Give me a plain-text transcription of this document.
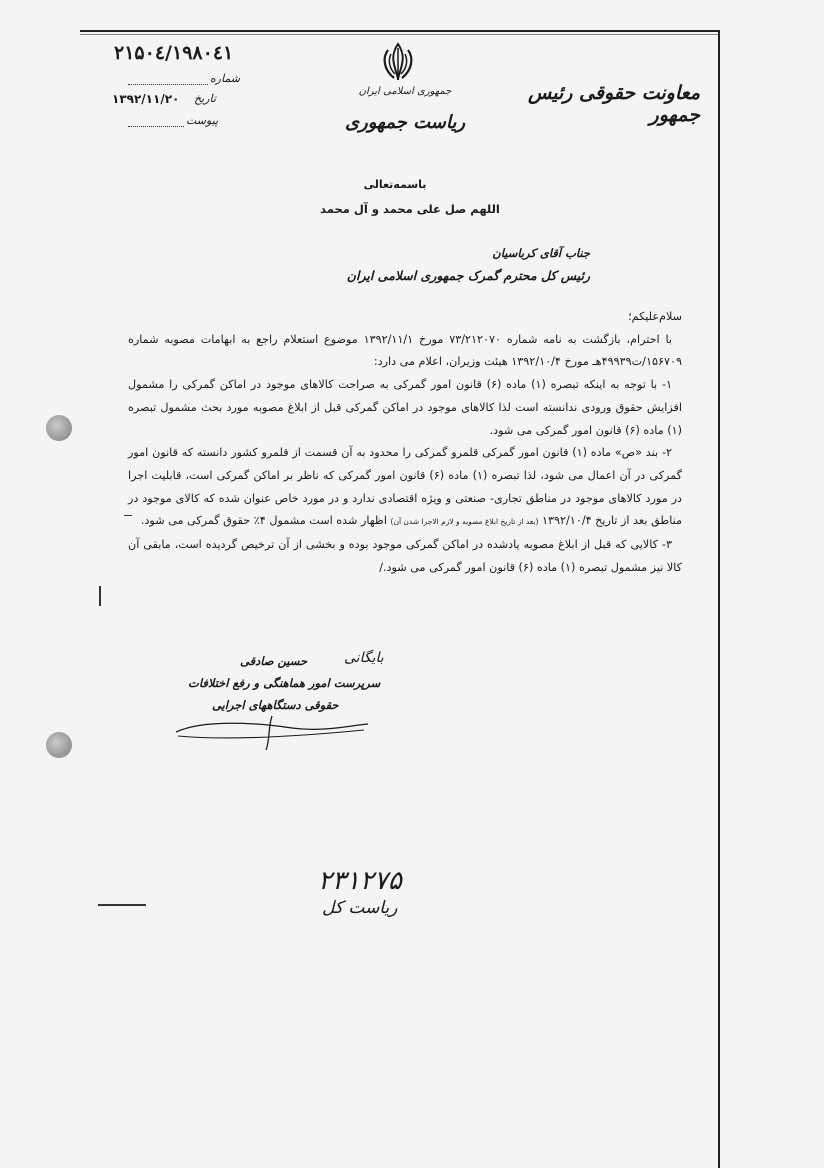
۲۱۵۰٤/۱۹۸۰٤۱
شماره
۱۳۹۲/۱۱/۲۰ تاریخ
پیوست
جمهوری اسلامی ایران
ریاست جمهوری
معاونت حقوقی رئیس جمهور
باسمه‌تعالی
اللهم صل علی محمد و آل محمد
جناب آقای کرباسیان
رئیس کل محترم گمرک جمهوری اسلامی ایران

سلام‌علیکم؛

با احترام، بازگشت به نامه شماره ۷۳/۲۱۲۰۷۰ مورخ ۱۳۹۲/۱۱/۱ موضوع استعلام راجع به ابهامات مصوبه شماره ۱۵۶۷۰۹/ت۴۹۹۳۹هـ مورخ ۱۳۹۲/۱۰/۴ هیئت وزیران، اعلام می دارد:

۱- با توجه به اینکه تبصره (۱) ماده (۶) قانون امور گمرکی به صراحت کالاهای موجود در اماکن گمرکی را مشمول افزایش حقوق ورودی ندانسته است لذا کالاهای موجود در اماکن گمرکی قبل از ابلاغ مصوبه مورد بحث مشمول تبصره (۱) ماده (۶) قانون امور گمرکی می شود.

۲- بند «ص» ماده (۱) قانون امور گمرکی قلمرو گمرکی را محدود به آن قسمت از قلمرو کشور دانسته که قانون امور گمرکی در آن اعمال می شود، لذا تبصره (۱) ماده (۶) قانون امور گمرکی که ناظر بر اماکن گمرکی است، قابلیت اجرا در مورد کالاهای موجود در مناطق تجاری- صنعتی و ویژه اقتصادی ندارد و در مورد خاص عنوان شده که کالای موجود در مناطق بعد از تاریخ ۱۳۹۲/۱۰/۴ (بعد از تاریخ ابلاغ مصوبه و لازم الاجرا شدن آن) اظهار شده است مشمول ۴٪ حقوق گمرکی می شود.

۳- کالایی که قبل از ابلاغ مصوبه یادشده در اماکن گمرکی موجود بوده و بخشی از آن ترخیص گردیده است، مابقی آن کالا نیز مشمول تبصره (۱) ماده (۶) قانون امور گمرکی می شود./

بایگانی
حسین صادقی
سرپرست امور هماهنگی و رفع اختلافات
حقوقی دستگاههای اجرایی
۲۳۱۲۷۵
ریاست کل
